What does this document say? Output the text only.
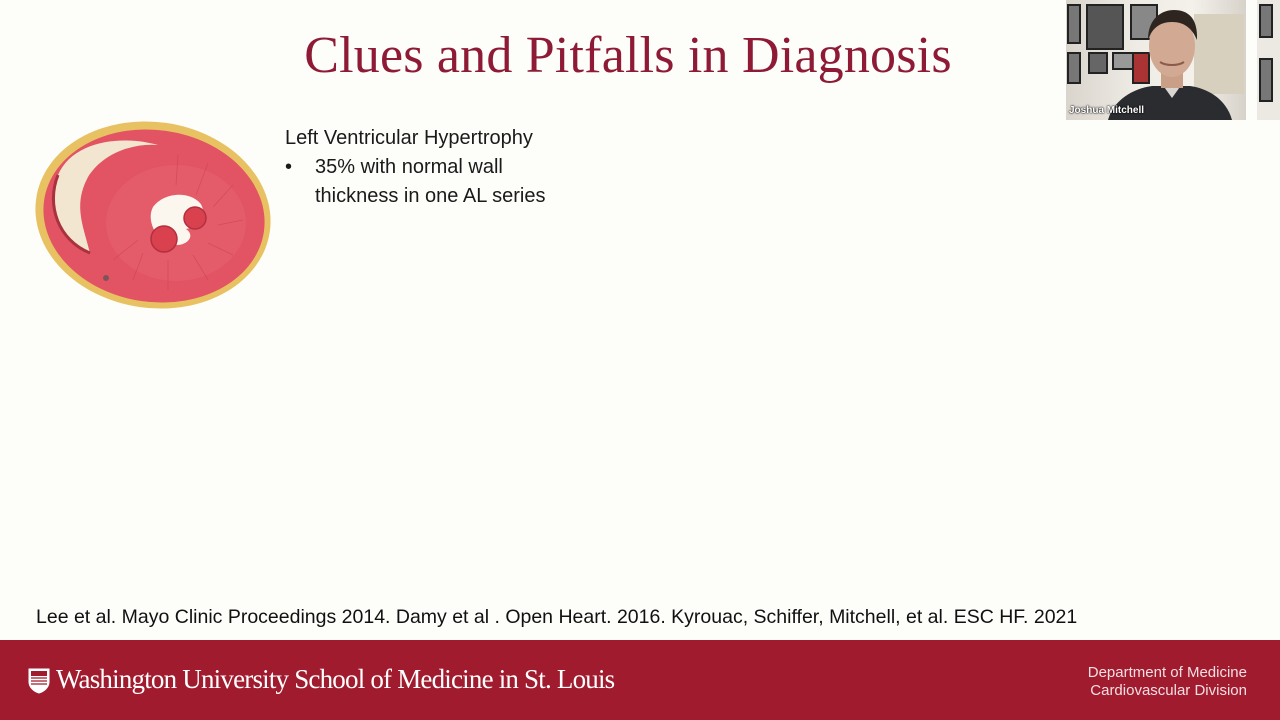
Clues and Pitfalls in Diagnosis
Left Ventricular Hypertrophy
•	35% with normal wall thickness in one AL series
Lee et al. Mayo Clinic Proceedings 2014. Damy et al . Open Heart. 2016. Kyrouac, Schiffer, Mitchell, et al. ESC HF. 2021
Washington University School of Medicine in St. Louis	Department of Medicine
Cardiovascular Division
Joshua Mitchell
